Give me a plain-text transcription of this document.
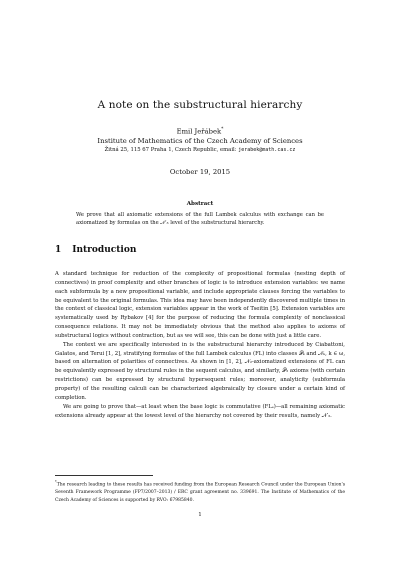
A note on the substructural hierarchy
Emil Jeřábek*
Institute of Mathematics of the Czech Academy of Sciences
Žitná 25, 115 67 Praha 1, Czech Republic, email: jerabek@math.cas.cz
October 19, 2015
Abstract
We prove that all axiomatic extensions of the full Lambek calculus with exchange can be axiomatized by formulas on the 𝒩′₃ level of the substructural hierarchy.
1 Introduction

A standard technique for reduction of the complexity of propositional formulas (nesting depth of connectives) in proof complexity and other branches of logic is to introduce extension variables: we name each subformula by a new propositional variable, and include appropriate clauses forcing the variables to be equivalent to the original formulas. This idea may have been independently discovered multiple times in the context of classical logic, extension variables appear in the work of Tseitin [5]. Extension variables are systematically used by Rybakov [4] for the purpose of reducing the formula complexity of nonclassical consequence relations. It may not be immediately obvious that the method also applies to axioms of substructural logics without contraction, but as we will see, this can be done with just a little care.

The context we are specifically interested in is the substructural hierarchy introduced by Ciabattoni, Galatos, and Terui [1, 2], stratifying formulas of the full Lambek calculus (FL) into classes 𝒫ₖ and 𝒩ₖ, k ∈ ω, based on alternation of polarities of connectives. As shown in [1, 2], 𝒩₂-axiomatized extensions of FL can be equivalently expressed by structural rules in the sequent calculus, and similarly, 𝒫₃ axioms (with certain restrictions) can be expressed by structural hypersequent rules; moreover, analyticity (subformula property) of the resulting calculi can be characterized algebraically by closure under a certain kind of completion.

We are going to prove that—at least when the base logic is commutative (FLₑ)—all remaining axiomatic extensions already appear at the lowest level of the hierarchy not covered by their results, namely 𝒩′₃.

*The research leading to these results has received funding from the European Research Council under the European Union's Seventh Framework Programme (FP7/2007–2013) / ERC grant agreement no. 339691. The Institute of Mathematics of the Czech Academy of Sciences is supported by RVO: 67985840.
1
